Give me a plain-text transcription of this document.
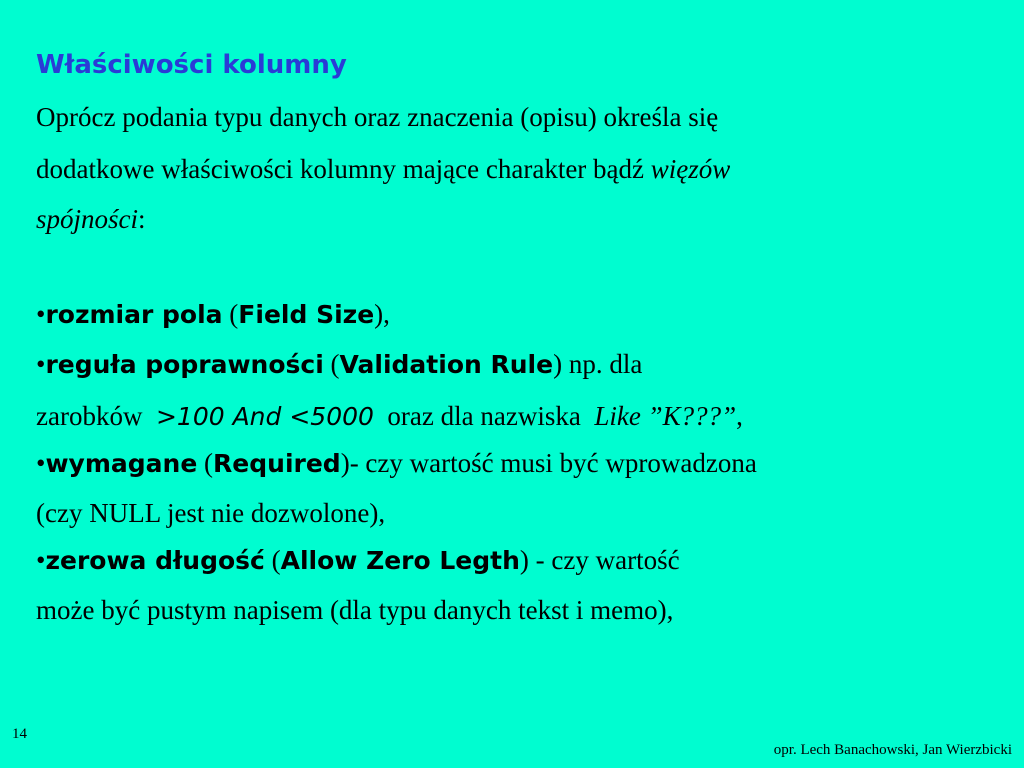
Właściwości kolumny
Oprócz podania typu danych oraz znaczenia (opisu) określa się
dodatkowe właściwości kolumny mające charakter bądź więzów
spójności:
•rozmiar pola (Field Size),
•reguła poprawności (Validation Rule) np. dla
zarobków  >100 And <5000  oraz dla nazwiska  Like ”K???”,
•wymagane (Required)- czy wartość musi być wprowadzona
(czy NULL jest nie dozwolone),
•zerowa długość (Allow Zero Legth) - czy wartość
może być pustym napisem (dla typu danych tekst i memo),
14
opr. Lech Banachowski, Jan Wierzbicki
